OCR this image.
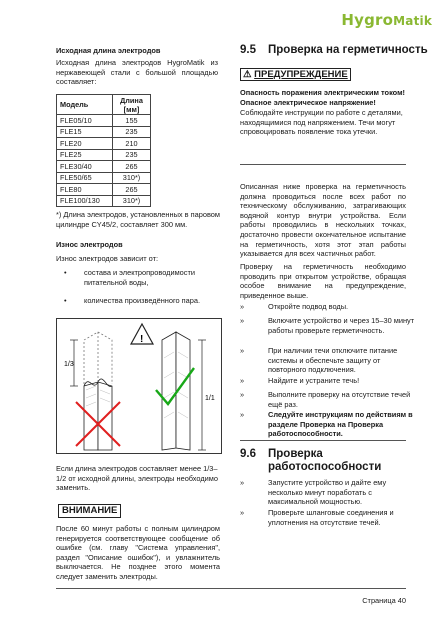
HygroMatik
Исходная длина электродов
Исходная длина электродов HygroMatik из нержавеющей стали с большой площадью составляет:
Модель	Длина [мм]
FLE05/10	155
FLE15	235
FLE20	210
FLE25	235
FLE30/40	265
FLE50/65	310*)
FLE80	265
FLE100/130	310*)
*) Длина электродов, установленных в паровом цилиндре CY45/2, составляет 300 мм.
Износ электродов
Износ электродов зависит от:
• состава и электропроводимости питательной воды,
• количества произведённого пара.
1/3
!
1/1
Если длина электродов составляет менее 1/3–1/2 от исходной длины, электроды необходимо заменить.
ВНИМАНИЕ
После 60 минут работы с полным цилиндром генерируется соответствующее сообщение об ошибке (см. главу "Система управления", раздел "Описание ошибок"), и увлажнитель выключается. Не позднее этого момента следует заменить электроды.
9.5 Проверка на герметичность
⚠ ПРЕДУПРЕЖДЕНИЕ
Опасность поражения электрическим током!
Опасное электрическое напряжение!
Соблюдайте инструкции по работе с деталями, находящимися под напряжением. Течи могут спровоцировать появление тока утечки.
Описанная ниже проверка на герметичность должна проводиться после всех работ по техническому обслуживанию, затрагивающих водяной контур внутри устройства. Если работы проводились в нескольких точках, достаточно провести окончательное испытание на герметичность, хотя этот этап работы указывается для всех частичных работ.
Проверку на герметичность необходимо проводить при открытом устройстве, обращая особое внимание на предупреждение, приведенное выше.
»	Откройте подвод воды.
»	Включите устройство и через 15–30 минут работы проверьте герметичность.
»	При наличии течи отключите питание системы и обеспечьте защиту от повторного подключения.
»	Найдите и устраните течь!
»	Выполните проверку на отсутствие течей ещё раз.
»	Следуйте инструкциям по действиям в разделе Проверка на Проверка работоспособности.
9.6	Проверка работоспособности
»	Запустите устройство и дайте ему несколько минут поработать с максимальной мощностью.
»	Проверьте шланговые соединения и уплотнения на отсутствие течей.
Страница 40
